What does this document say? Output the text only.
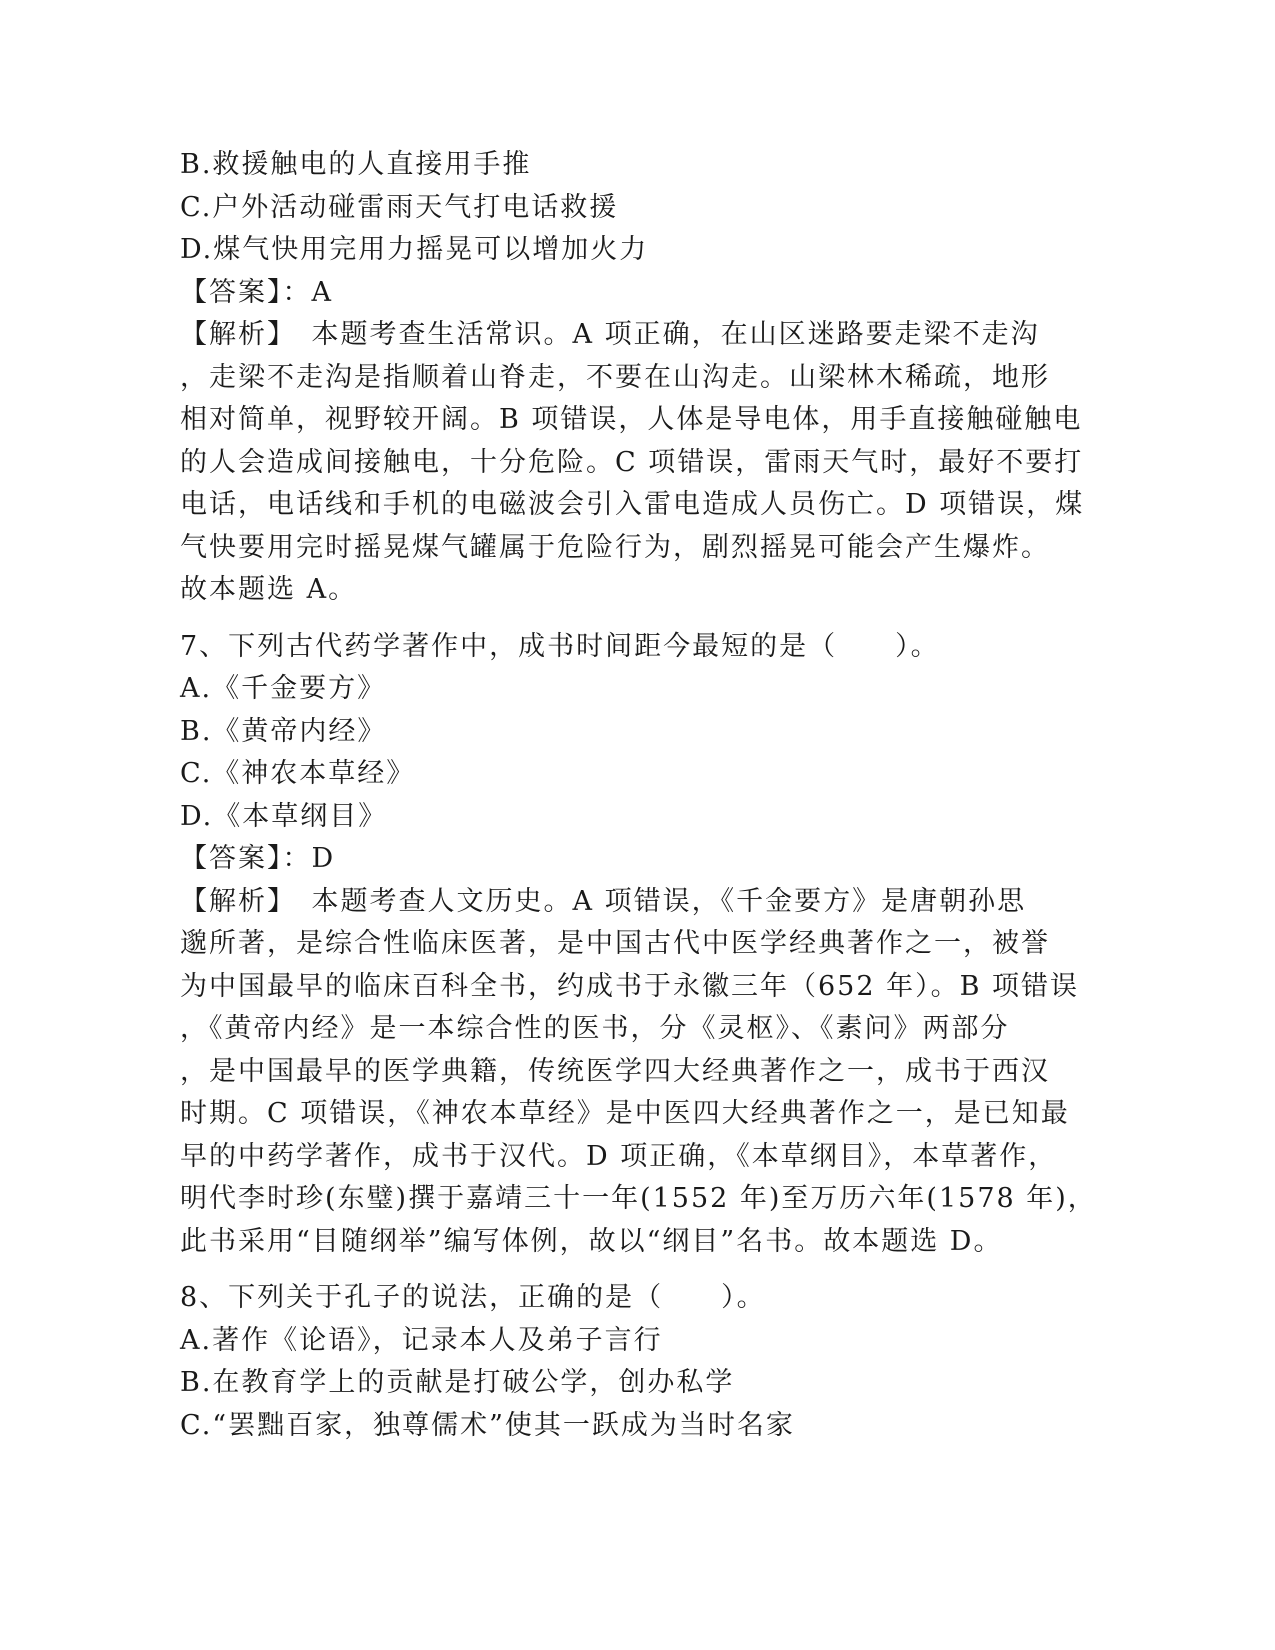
B.救援触电的人直接用手推
C.户外活动碰雷雨天气打电话救援
D.煤气快用完用力摇晃可以增加火力
【答案】：A
【解析】　本题考查生活常识。A 项正确，在山区迷路要走梁不走沟
，走梁不走沟是指顺着山脊走，不要在山沟走。山梁林木稀疏，地形
相对简单，视野较开阔。B 项错误，人体是导电体，用手直接触碰触电
的人会造成间接触电，十分危险。C 项错误，雷雨天气时，最好不要打
电话，电话线和手机的电磁波会引入雷电造成人员伤亡。D 项错误，煤
气快要用完时摇晃煤气罐属于危险行为，剧烈摇晃可能会产生爆炸。
故本题选 A。
7、下列古代药学著作中，成书时间距今最短的是（　　）。
A.《千金要方》
B.《黄帝内经》
C.《神农本草经》
D.《本草纲目》
【答案】：D
【解析】　本题考查人文历史。A 项错误，《千金要方》是唐朝孙思
邈所著，是综合性临床医著，是中国古代中医学经典著作之一，被誉
为中国最早的临床百科全书，约成书于永徽三年（652 年）。B 项错误
，《黄帝内经》是一本综合性的医书，分《灵枢》、《素问》两部分
，是中国最早的医学典籍，传统医学四大经典著作之一，成书于西汉
时期。C 项错误，《神农本草经》是中医四大经典著作之一，是已知最
早的中药学著作，成书于汉代。D 项正确，《本草纲目》，本草著作，
明代李时珍(东璧)撰于嘉靖三十一年(1552 年)至万历六年(1578 年)，
此书采用“目随纲举”编写体例，故以“纲目”名书。故本题选 D。
8、下列关于孔子的说法，正确的是（　　）。
A.著作《论语》，记录本人及弟子言行
B.在教育学上的贡献是打破公学，创办私学
C.“罢黜百家，独尊儒术”使其一跃成为当时名家
